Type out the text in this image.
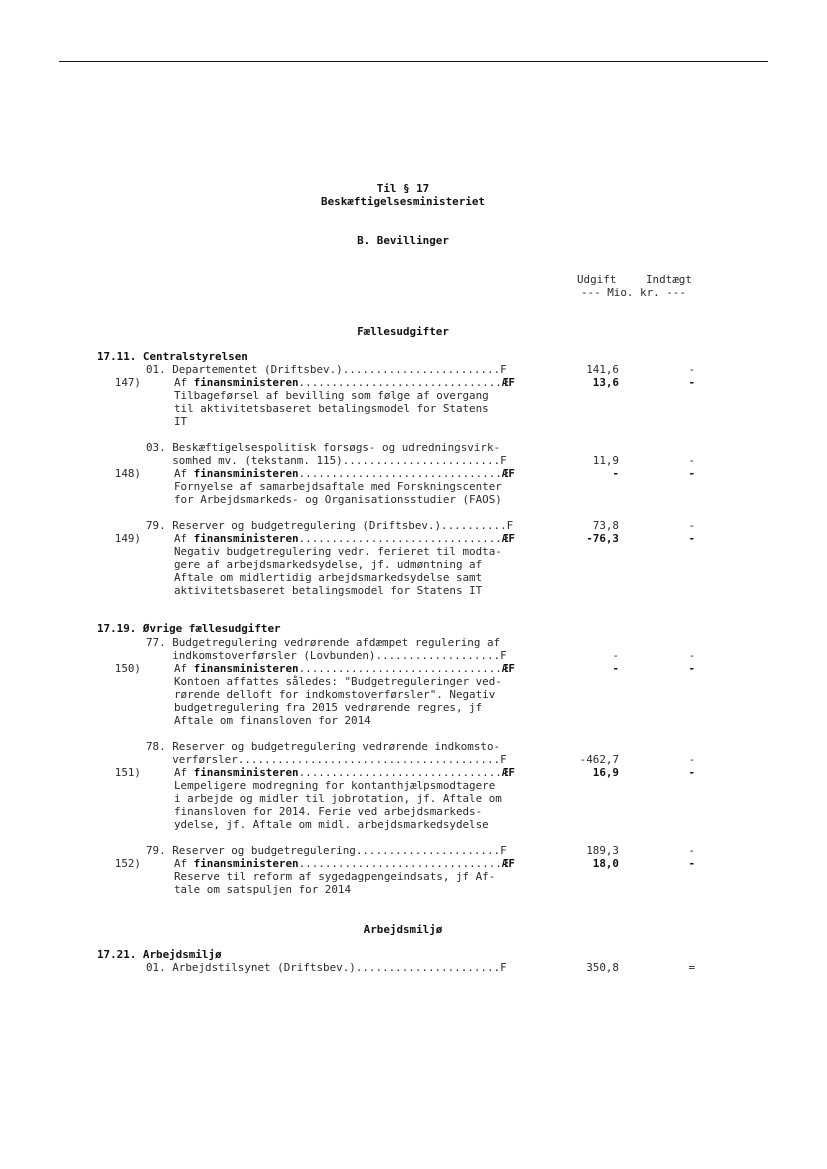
Til § 17
Beskæftigelsesministeriet
B. Bevillinger
Udgift	Indtægt
--- Mio. kr. ---
Fællesudgifter
17.11. Centralstyrelsen
01. Departementet (Driftsbev.)........................F	141,6	-
147)	Af finansministeren...............................ÆF	13,6	-
Tilbageførsel af bevilling som følge af overgang
til aktivitetsbaseret betalingsmodel for Statens
IT
03. Beskæftigelsespolitisk forsøgs- og udredningsvirk-
somhed mv. (tekstanm. 115)........................F	11,9	-
148)	Af finansministeren...............................ÆF	-	-
Fornyelse af samarbejdsaftale med Forskningscenter
for Arbejdsmarkeds- og Organisationsstudier (FAOS)
79. Reserver og budgetregulering (Driftsbev.)..........F	73,8	-
149)	Af finansministeren...............................ÆF	-76,3	-
Negativ budgetregulering vedr. ferieret til modta-
gere af arbejdsmarkedsydelse, jf. udmøntning af
Aftale om midlertidig arbejdsmarkedsydelse samt
aktivitetsbaseret betalingsmodel for Statens IT
17.19. Øvrige fællesudgifter
77. Budgetregulering vedrørende afdæmpet regulering af
indkomstoverførsler (Lovbunden)...................F	-	-
150)	Af finansministeren...............................ÆF	-	-
Kontoen affattes således: "Budgetreguleringer ved-
rørende delloft for indkomstoverførsler". Negativ
budgetregulering fra 2015 vedrørende regres, jf
Aftale om finansloven for 2014
78. Reserver og budgetregulering vedrørende indkomsto-
verførsler........................................F	-462,7	-
151)	Af finansministeren...............................ÆF	16,9	-
Lempeligere modregning for kontanthjælpsmodtagere
i arbejde og midler til jobrotation, jf. Aftale om
finansloven for 2014. Ferie ved arbejdsmarkeds-
ydelse, jf. Aftale om midl. arbejdsmarkedsydelse
79. Reserver og budgetregulering......................F	189,3	-
152)	Af finansministeren...............................ÆF	18,0	-
Reserve til reform af sygedagpengeindsats, jf Af-
tale om satspuljen for 2014
Arbejdsmiljø
17.21. Arbejdsmiljø
01. Arbejdstilsynet (Driftsbev.)......................F	350,8	=
